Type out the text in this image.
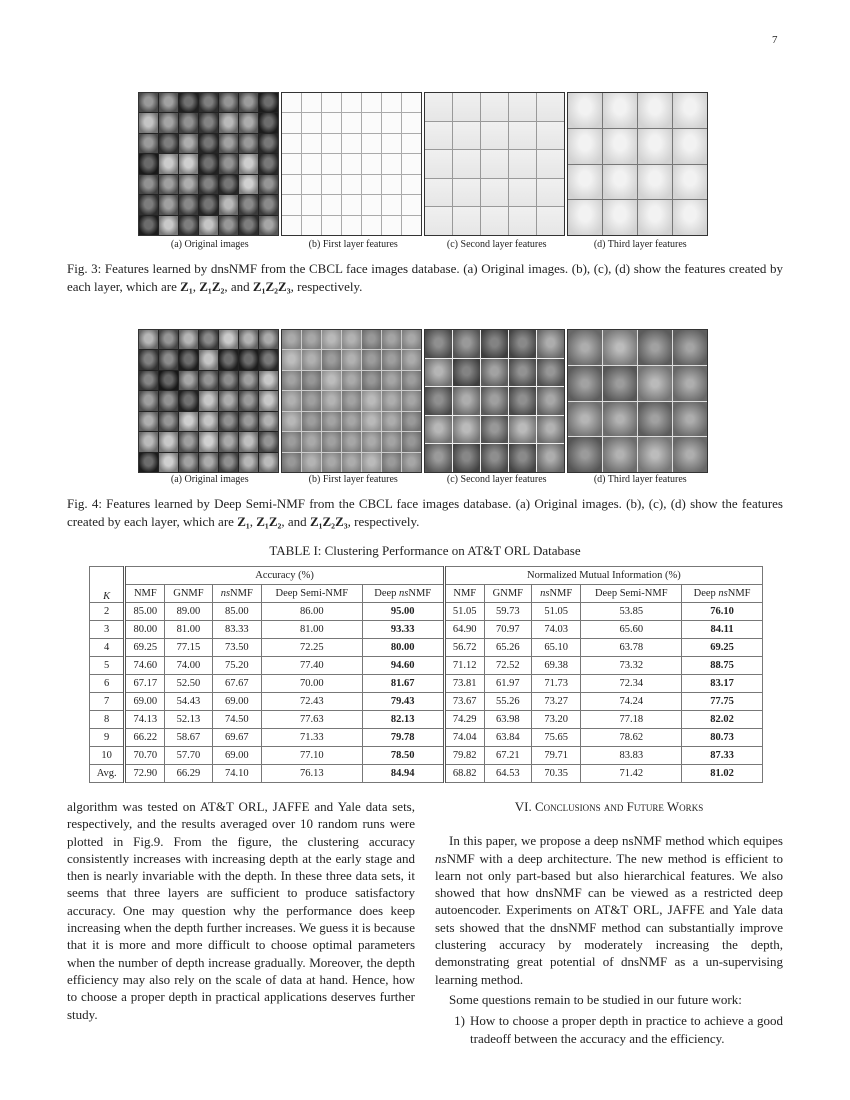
7
(a) Original images	(b) First layer features	(c) Second layer features	(d) Third layer features
Fig. 3: Features learned by dnsNMF from the CBCL face images database. (a) Original images. (b), (c), (d) show the features created by each layer, which are Z₁, Z₁Z₂, and Z₁Z₂Z₃, respectively.
(a) Original images	(b) First layer features	(c) Second layer features	(d) Third layer features
Fig. 4: Features learned by Deep Semi-NMF from the CBCL face images database. (a) Original images. (b), (c), (d) show the features created by each layer, which are Z₁, Z₁Z₂, and Z₁Z₂Z₃, respectively.
TABLE I: Clustering Performance on AT&T ORL Database
K	Accuracy (%)					Normalized Mutual Information (%)				
	NMF	GNMF	nsNMF	Deep Semi-NMF	Deep nsNMF	NMF	GNMF	nsNMF	Deep Semi-NMF	Deep nsNMF
2	85.00	89.00	85.00	86.00	95.00	51.05	59.73	51.05	53.85	76.10
3	80.00	81.00	83.33	81.00	93.33	64.90	70.97	74.03	65.60	84.11
4	69.25	77.15	73.50	72.25	80.00	56.72	65.26	65.10	63.78	69.25
5	74.60	74.00	75.20	77.40	94.60	71.12	72.52	69.38	73.32	88.75
6	67.17	52.50	67.67	70.00	81.67	73.81	61.97	71.73	72.34	83.17
7	69.00	54.43	69.00	72.43	79.43	73.67	55.26	73.27	74.24	77.75
8	74.13	52.13	74.50	77.63	82.13	74.29	63.98	73.20	77.18	82.02
9	66.22	58.67	69.67	71.33	79.78	74.04	63.84	75.65	78.62	80.73
10	70.70	57.70	69.00	77.10	78.50	79.82	67.21	79.71	83.83	87.33
Avg.	72.90	66.29	74.10	76.13	84.94	68.82	64.53	70.35	71.42	81.02
algorithm was tested on AT&T ORL, JAFFE and Yale data sets, respectively, and the results averaged over 10 random runs were plotted in Fig.9. From the figure, the clustering accuracy consistently increases with increasing depth at the early stage and then is nearly invariable with the depth. In these three data sets, it seems that three layers are sufficient to produce satisfactory accuracy. One may question why the performance does keep increasing when the depth further increases. We guess it is because that it is more and more difficult to choose optimal parameters when the number of depth increase gradually. Moreover, the depth efficiency may also rely on the scale of data at hand. Hence, how to choose a proper depth in practical applications deserves further study.
VI. Conclusions and Future Works
In this paper, we propose a deep nsNMF method which equipes nsNMF with a deep architecture. The new method is efficient to learn not only part-based but also hierarchical features. We also showed that how dnsNMF can be viewed as a restricted deep autoencoder. Experiments on AT&T ORL, JAFFE and Yale data sets showed that the dnsNMF method can substantially improve clustering accuracy by moderately increasing the depth, demonstrating great potential of dnsNMF as a un-supervising learning method.
Some questions remain to be studied in our future work:
1) How to choose a proper depth in practice to achieve a good tradeoff between the accuracy and the efficiency.
